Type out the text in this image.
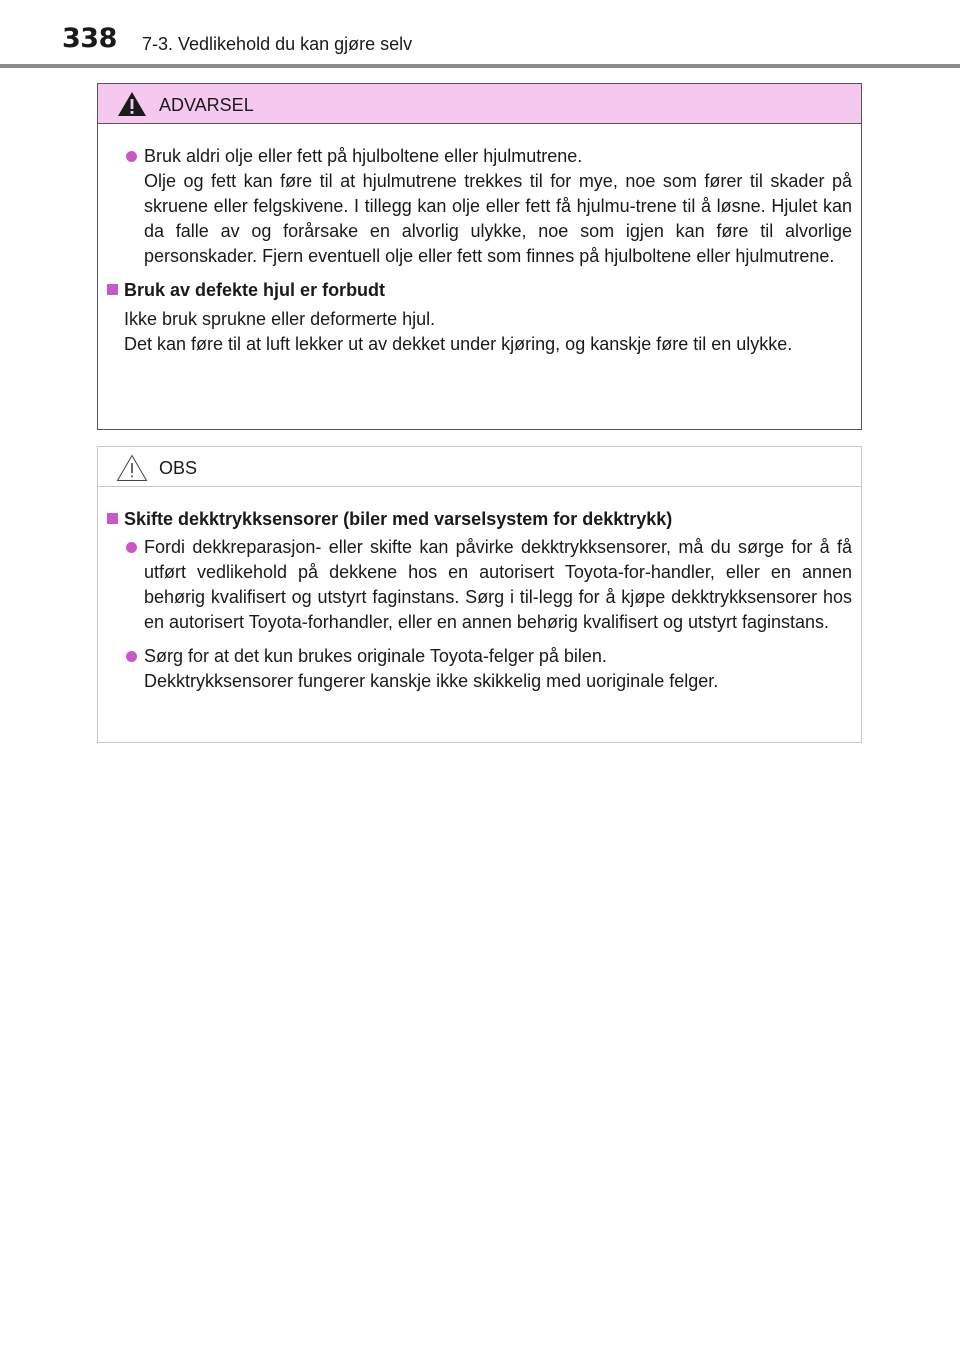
338 7-3. Vedlikehold du kan gjøre selv
ADVARSEL
Bruk aldri olje eller fett på hjulboltene eller hjulmutrene.
Olje og fett kan føre til at hjulmutrene trekkes til for mye, noe som fører til skader på skruene eller felgskivene. I tillegg kan olje eller fett få hjulmu-trene til å løsne. Hjulet kan da falle av og forårsake en alvorlig ulykke, noe som igjen kan føre til alvorlige personskader. Fjern eventuell olje eller fett som finnes på hjulboltene eller hjulmutrene.
Bruk av defekte hjul er forbudt
Ikke bruk sprukne eller deformerte hjul.
Det kan føre til at luft lekker ut av dekket under kjøring, og kanskje føre til en ulykke.
OBS
Skifte dekktrykksensorer (biler med varselsystem for dekktrykk)
Fordi dekkreparasjon- eller skifte kan påvirke dekktrykksensorer, må du sørge for å få utført vedlikehold på dekkene hos en autorisert Toyota-for-handler, eller en annen behørig kvalifisert og utstyrt faginstans. Sørg i til-legg for å kjøpe dekktrykksensorer hos en autorisert Toyota-forhandler, eller en annen behørig kvalifisert og utstyrt faginstans.
Sørg for at det kun brukes originale Toyota-felger på bilen.
Dekktrykksensorer fungerer kanskje ikke skikkelig med uoriginale felger.
